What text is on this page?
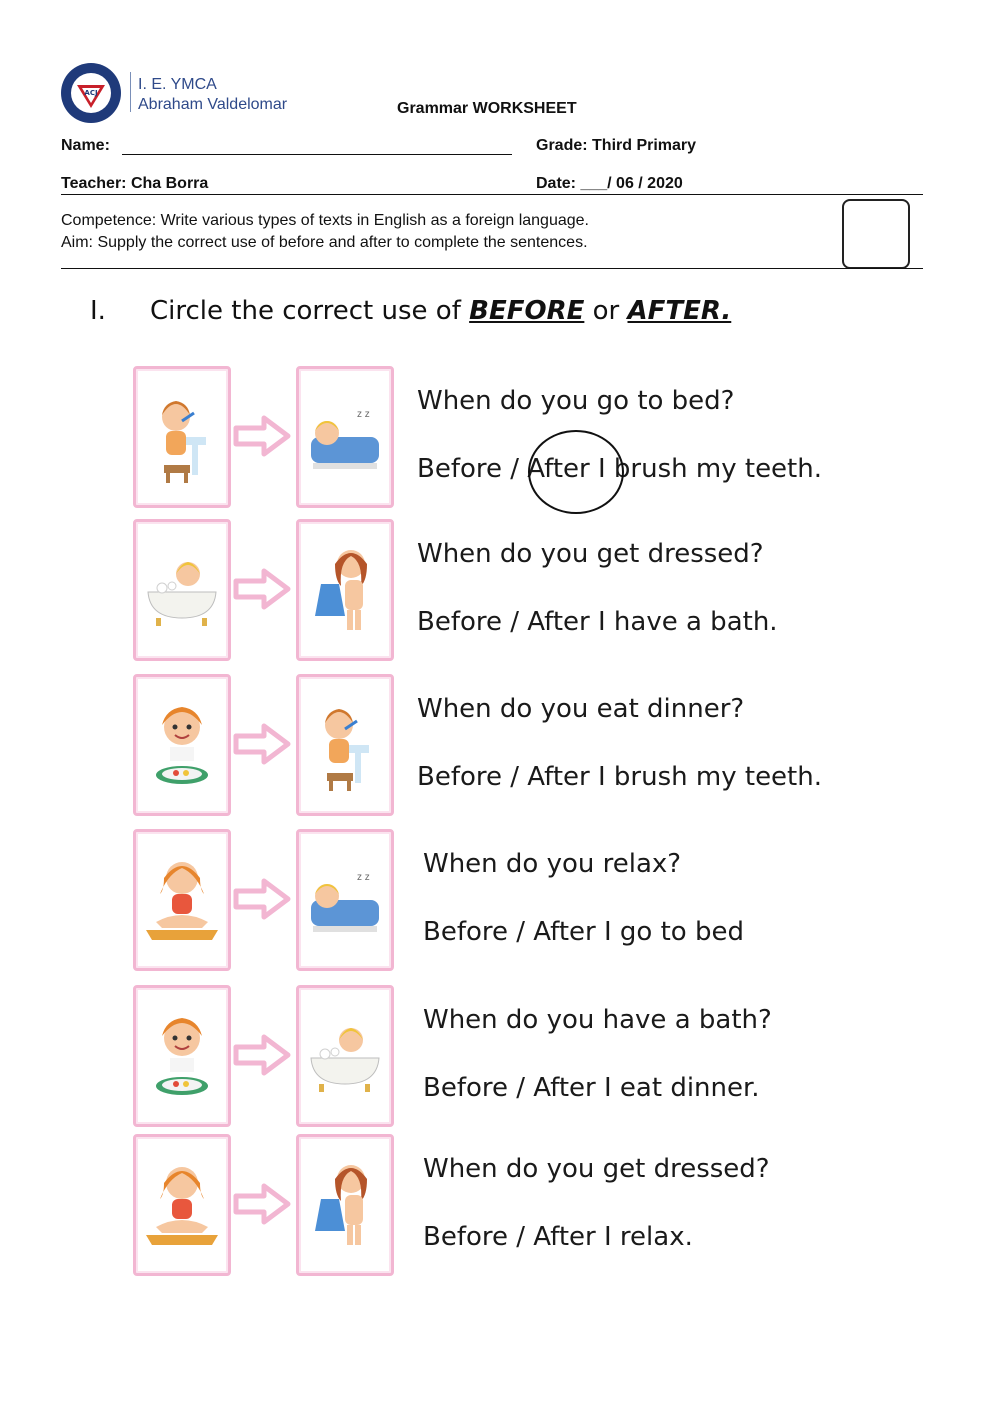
ACJ	I. E. YMCA
Abraham Valdelomar	Grammar WORKSHEET
Name:	Grade: Third Primary
Teacher: Cha Borra	Date: ___/ 06 / 2020
Competence: Write various types of texts in English as a foreign language.
Aim: Supply the correct use of before and after to complete the sentences.
I. Circle the correct use of BEFORE or AFTER.
z z When do you go to bed?
Before / After I brush my teeth.
When do you get dressed?
Before / After I have a bath.
When do you eat dinner?
Before / After I brush my teeth.
z z When do you relax?
Before / After I go to bed
When do you have a bath?
Before / After I eat dinner.
When do you get dressed?
Before / After I relax.
